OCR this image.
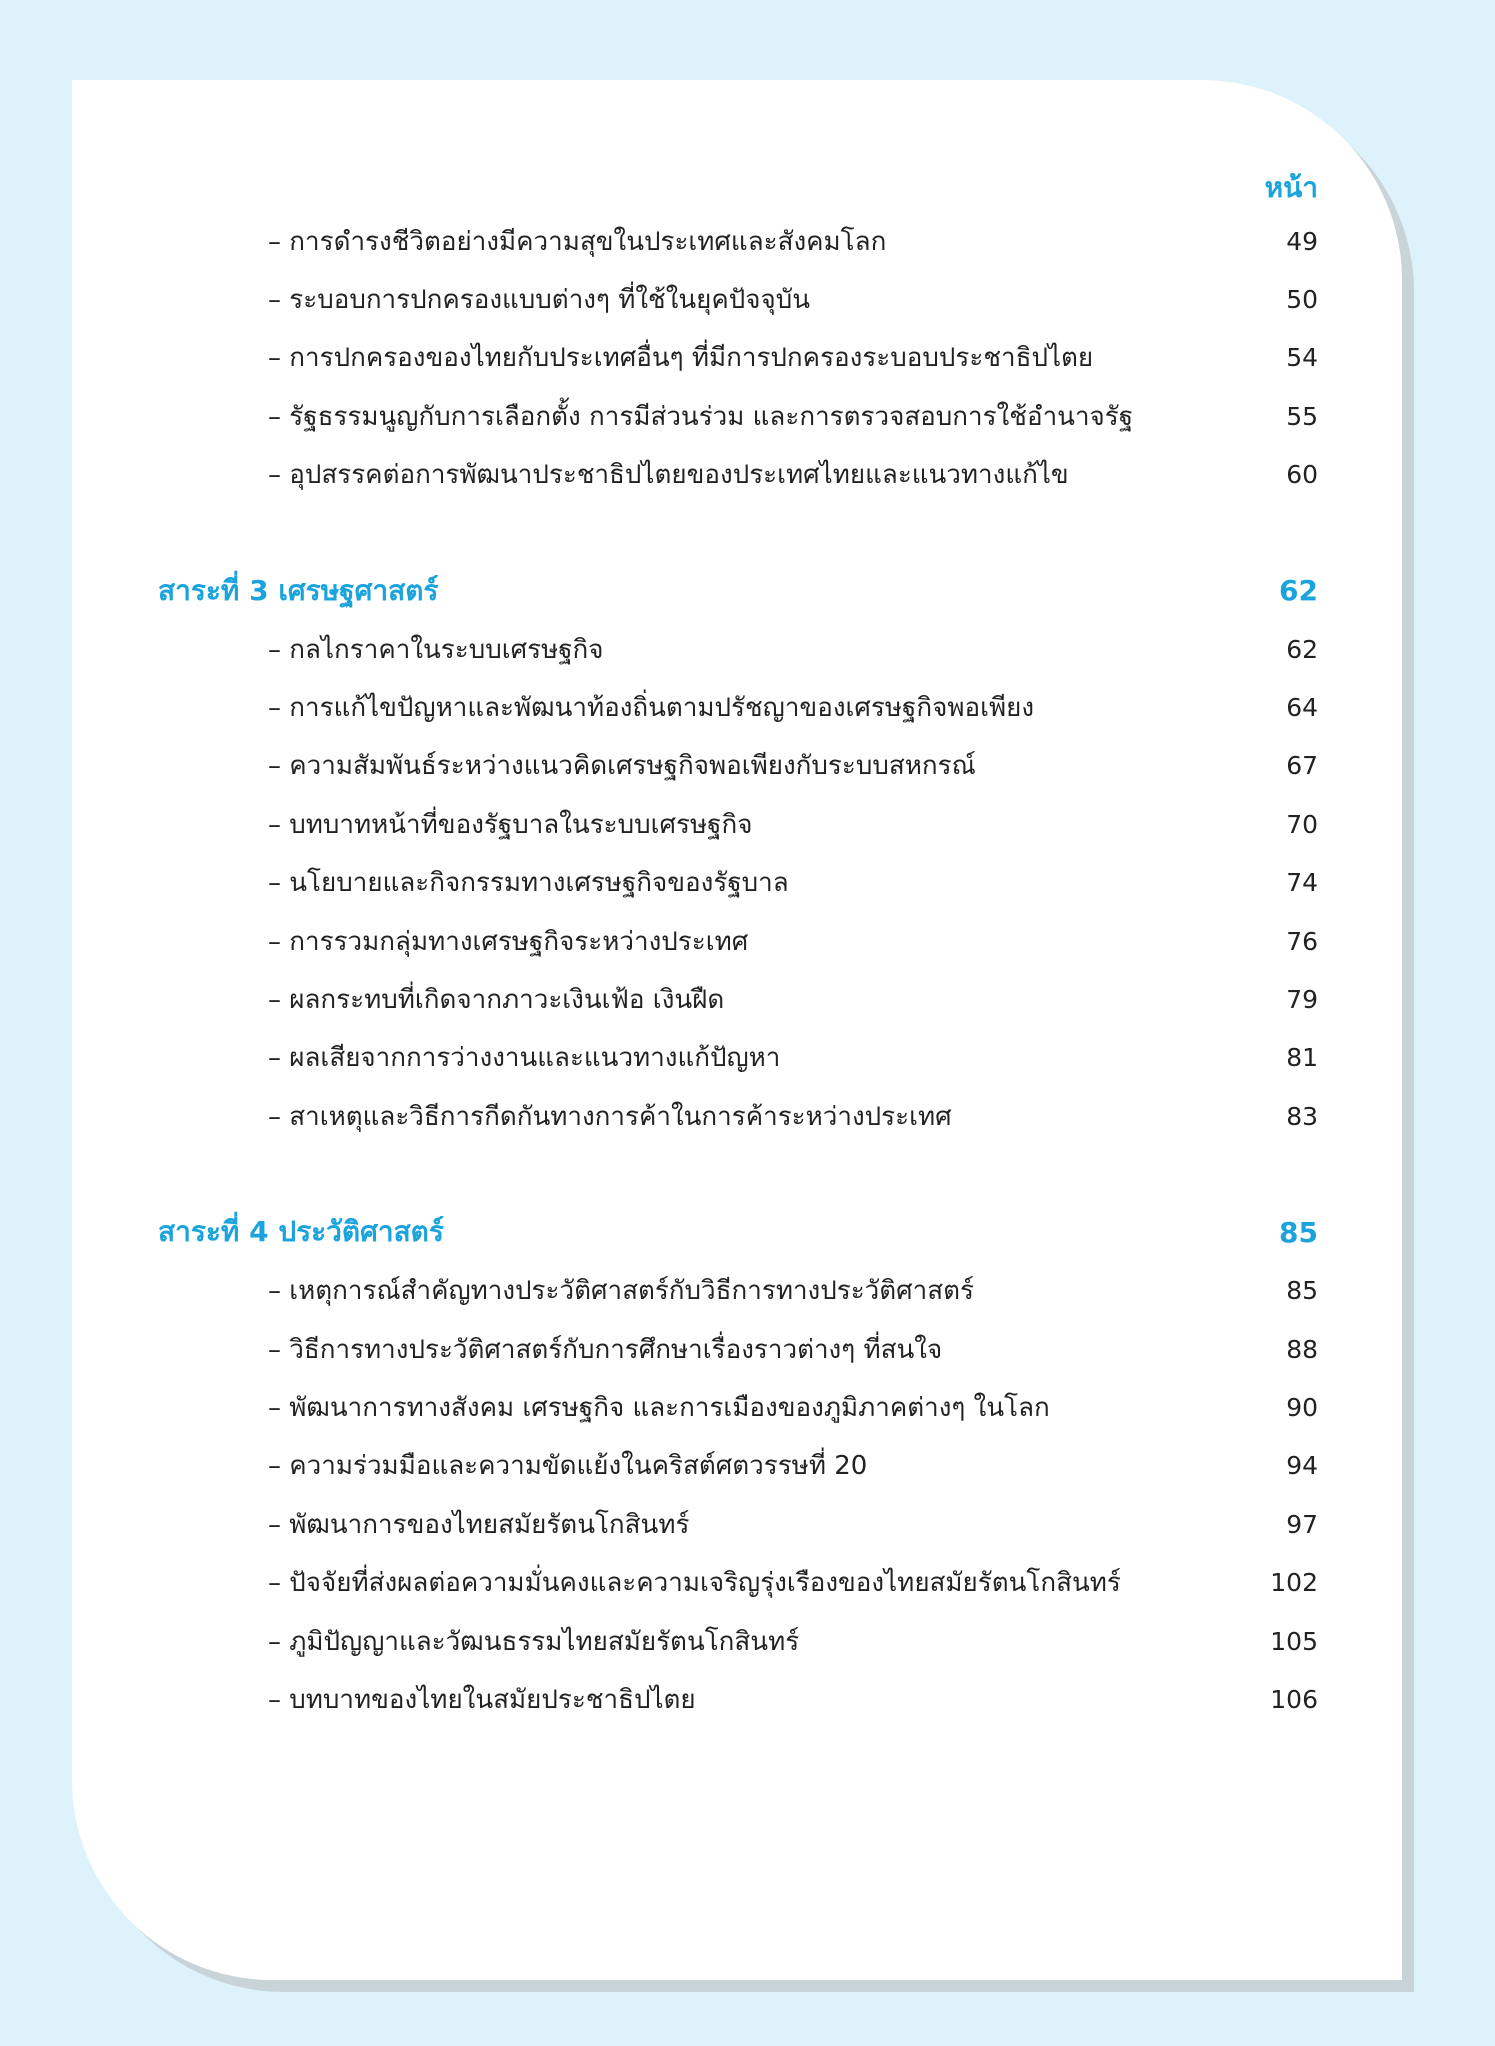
หน้า
– การดำรงชีวิตอย่างมีความสุขในประเทศและสังคมโลก	49
– ระบอบการปกครองแบบต่างๆ ที่ใช้ในยุคปัจจุบัน	50
– การปกครองของไทยกับประเทศอื่นๆ ที่มีการปกครองระบอบประชาธิปไตย	54
– รัฐธรรมนูญกับการเลือกตั้ง การมีส่วนร่วม และการตรวจสอบการใช้อำนาจรัฐ	55
– อุปสรรคต่อการพัฒนาประชาธิปไตยของประเทศไทยและแนวทางแก้ไข	60
สาระที่ 3 เศรษฐศาสตร์	62
– กลไกราคาในระบบเศรษฐกิจ	62
– การแก้ไขปัญหาและพัฒนาท้องถิ่นตามปรัชญาของเศรษฐกิจพอเพียง	64
– ความสัมพันธ์ระหว่างแนวคิดเศรษฐกิจพอเพียงกับระบบสหกรณ์	67
– บทบาทหน้าที่ของรัฐบาลในระบบเศรษฐกิจ	70
– นโยบายและกิจกรรมทางเศรษฐกิจของรัฐบาล	74
– การรวมกลุ่มทางเศรษฐกิจระหว่างประเทศ	76
– ผลกระทบที่เกิดจากภาวะเงินเฟ้อ เงินฝืด	79
– ผลเสียจากการว่างงานและแนวทางแก้ปัญหา	81
– สาเหตุและวิธีการกีดกันทางการค้าในการค้าระหว่างประเทศ	83
สาระที่ 4 ประวัติศาสตร์	85
– เหตุการณ์สำคัญทางประวัติศาสตร์กับวิธีการทางประวัติศาสตร์	85
– วิธีการทางประวัติศาสตร์กับการศึกษาเรื่องราวต่างๆ ที่สนใจ	88
– พัฒนาการทางสังคม เศรษฐกิจ และการเมืองของภูมิภาคต่างๆ ในโลก	90
– ความร่วมมือและความขัดแย้งในคริสต์ศตวรรษที่ 20	94
– พัฒนาการของไทยสมัยรัตนโกสินทร์	97
– ปัจจัยที่ส่งผลต่อความมั่นคงและความเจริญรุ่งเรืองของไทยสมัยรัตนโกสินทร์	102
– ภูมิปัญญาและวัฒนธรรมไทยสมัยรัตนโกสินทร์	105
– บทบาทของไทยในสมัยประชาธิปไตย	106
